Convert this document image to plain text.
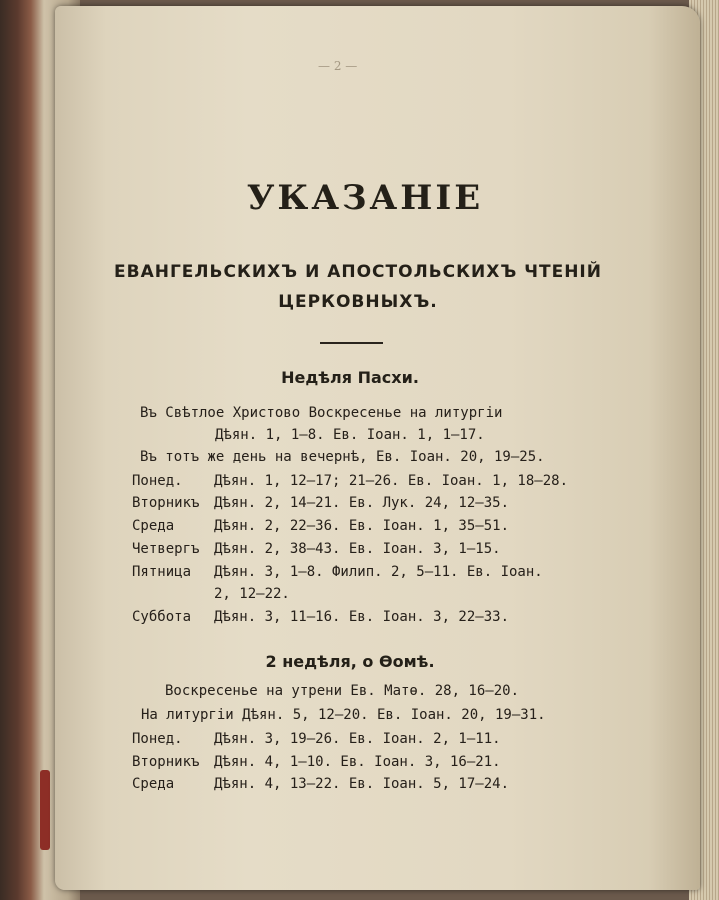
— 2 —
УКАЗАНІЕ
ЕВАНГЕЛЬСКИХЪ И АПОСТОЛЬСКИХЪ ЧТЕНІЙ
ЦЕРКОВНЫХЪ.
Недѣля Пасхи.
Въ Свѣтлое Христово Воскресенье на литургіи
Дѣян. 1, 1—8. Ев. Іоан. 1, 1—17.
Въ тотъ же день на вечернѣ, Ев. Іоан. 20, 19—25.
Понед. Дѣян. 1, 12—17; 21—26. Ев. Іоан. 1, 18—28.
Вторникъ Дѣян. 2, 14—21. Ев. Лук. 24, 12—35.
Среда	Дѣян. 2, 22—36. Ев. Іоан. 1, 35—51.
Четвергъ Дѣян. 2, 38—43. Ев. Іоан. 3, 1—15.
Пятница Дѣян. 3, 1—8. Филип. 2, 5—11. Ев. Іоан.
2, 12—22.
Суббота Дѣян. 3, 11—16. Ев. Іоан. 3, 22—33.
2 недѣля, о Ѳомѣ.
Воскресенье на утрени Ев. Матѳ. 28, 16—20.
На литургіи Дѣян. 5, 12—20. Ев. Іоан. 20, 19—31.
Понед. Дѣян. 3, 19—26. Ев. Іоан. 2, 1—11.
Вторникъ Дѣян. 4, 1—10. Ев. Іоан. 3, 16—21.
Среда	Дѣян. 4, 13—22. Ев. Іоан. 5, 17—24.
